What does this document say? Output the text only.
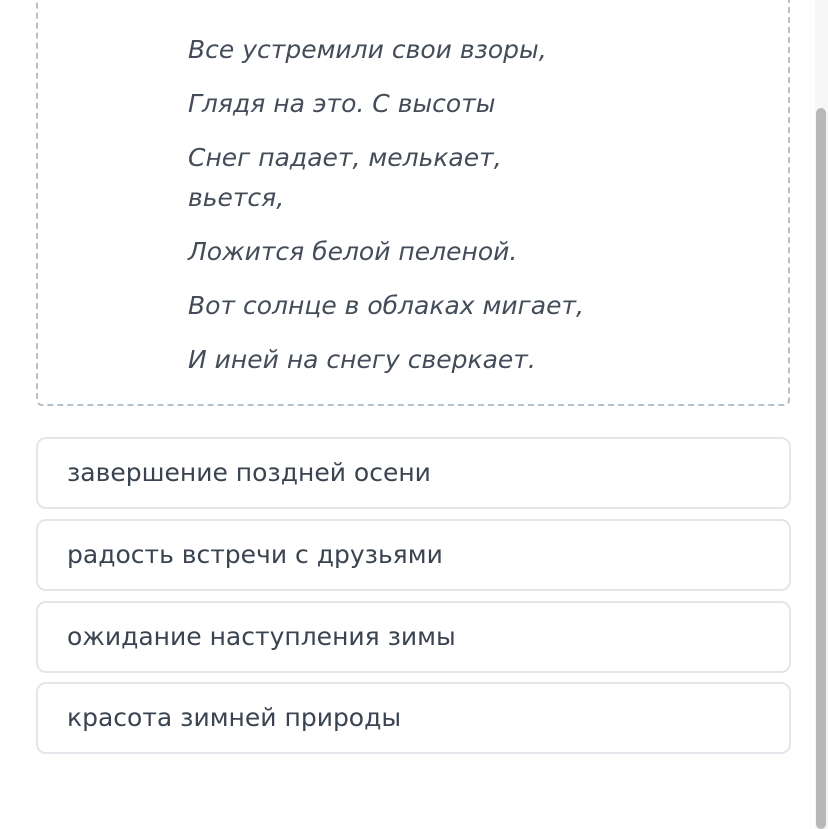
Все устремили свои взоры,

Глядя на это. С высоты

Снег падает, мелькает,

вьется,

Ложится белой пеленой.

Вот солнце в облаках мигает,

И иней на снегу сверкает.

завершение поздней осени
радость встречи с друзьями
ожидание наступления зимы
красота зимней природы
